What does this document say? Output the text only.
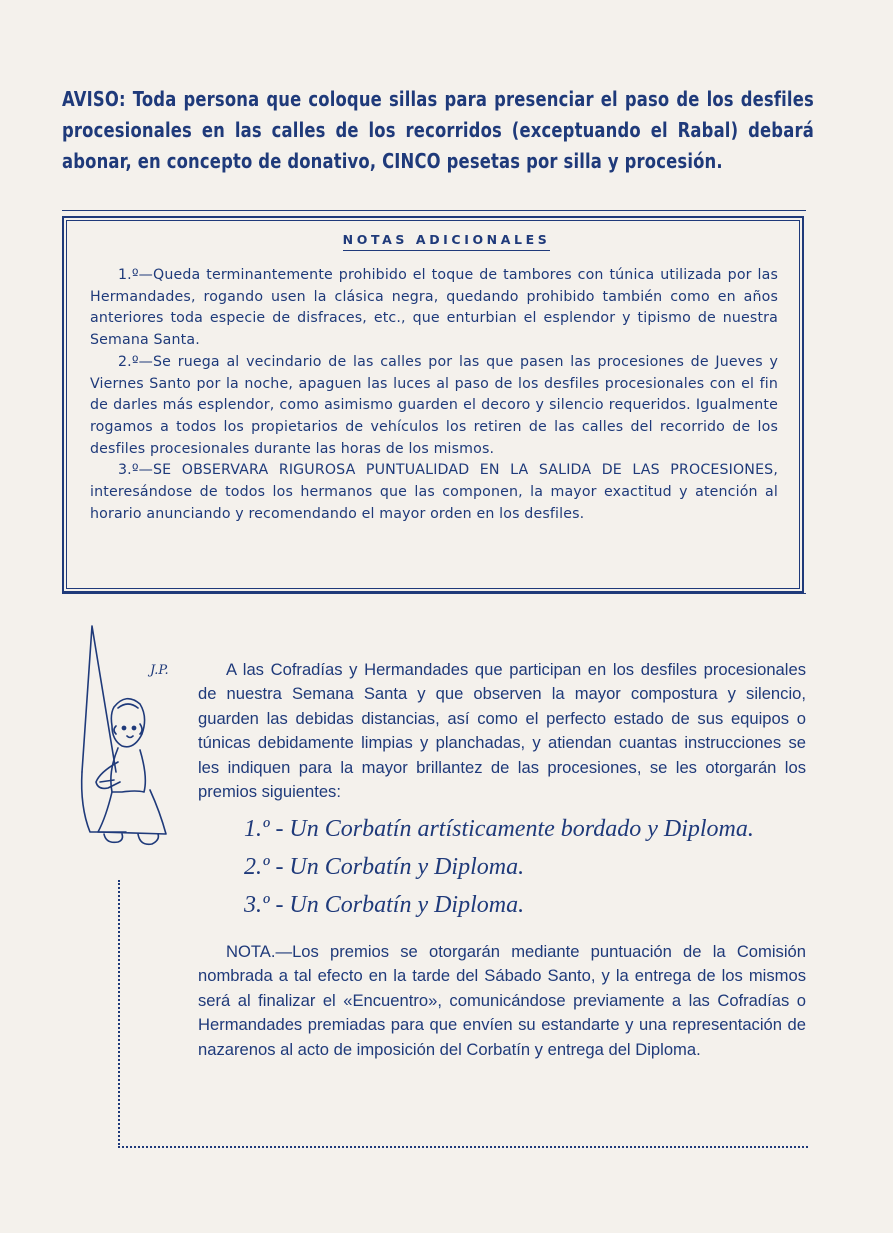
AVISO: Toda persona que coloque sillas para presenciar el paso de los desfiles procesionales en las calles de los recorridos (exceptuando el Rabal) debará abonar, en concepto de donativo, CINCO pesetas por silla y procesión.
NOTAS ADICIONALES

1.º—Queda terminantemente prohibido el toque de tambores con túnica utilizada por las Hermandades, rogando usen la clásica negra, quedando prohibido también como en años anteriores toda especie de disfraces, etc., que enturbian el esplendor y tipismo de nuestra Semana Santa.

2.º—Se ruega al vecindario de las calles por las que pasen las procesiones de Jueves y Viernes Santo por la noche, apaguen las luces al paso de los desfiles procesionales con el fin de darles más esplendor, como asimismo guarden el decoro y silencio requeridos. Igualmente rogamos a todos los propietarios de vehículos los retiren de las calles del recorrido de los desfiles procesionales durante las horas de los mismos.

3.º—SE OBSERVARA RIGUROSA PUNTUALIDAD EN LA SALIDA DE LAS PROCESIONES, interesándose de todos los hermanos que las componen, la mayor exactitud y atención al horario anunciando y recomendando el mayor orden en los desfiles.

J.P.	A las Cofradías y Hermandades que participan en los desfiles procesionales de nuestra Semana Santa y que observen la mayor compostura y silencio, guarden las debidas distancias, así como el perfecto estado de sus equipos o túnicas debidamente limpias y planchadas, y atiendan cuantas instrucciones se les indiquen para la mayor brillantez de las procesiones, se les otorgarán los premios siguientes:
1.º - Un Corbatín artísticamente bordado y Diploma.
2.º - Un Corbatín y Diploma.
3.º - Un Corbatín y Diploma.
NOTA.—Los premios se otorgarán mediante puntuación de la Comisión nombrada a tal efecto en la tarde del Sábado Santo, y la entrega de los mismos será al finalizar el «Encuentro», comunicándose previamente a las Cofradías o Hermandades premiadas para que envíen su estandarte y una representación de nazarenos al acto de imposición del Corbatín y entrega del Diploma.
